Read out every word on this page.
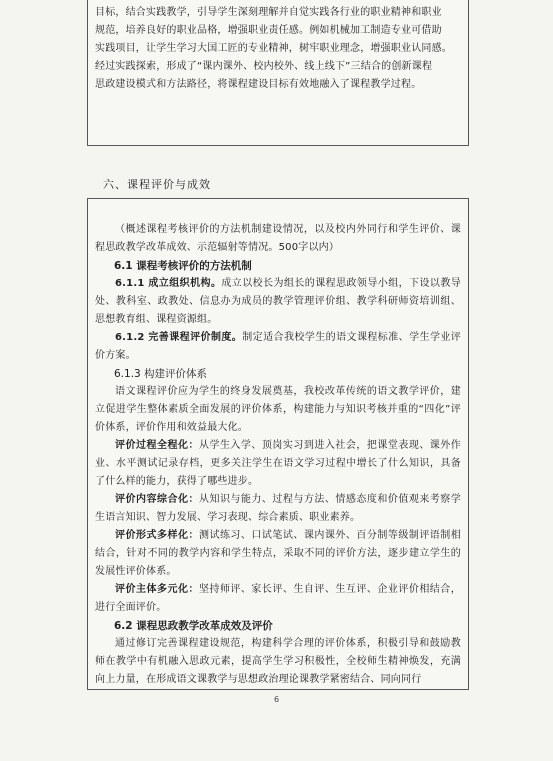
目标，结合实践教学，引导学生深刻理解并自觉实践各行业的职业精神和职业

规范，培养良好的职业品格，增强职业责任感。例如机械加工制造专业可借助

实践项目，让学生学习大国工匠的专业精神，树牢职业理念，增强职业认同感。

经过实践探索，形成了“课内课外、校内校外、线上线下”三结合的创新课程

思政建设模式和方法路径，将课程建设目标有效地融入了课程教学过程。

六、课程评价与成效

（概述课程考核评价的方法机制建设情况，以及校内外同行和学生评价、课程思政教学改革成效、示范辐射等情况。500字以内）

6.1 课程考核评价的方法机制

6.1.1 成立组织机构。成立以校长为组长的课程思政领导小组，下设以教导处、教科室、政教处、信息办为成员的教学管理评价组、教学科研师资培训组、思想教育组、课程资源组。

6.1.2 完善课程评价制度。制定适合我校学生的语文课程标准、学生学业评价方案。

6.1.3 构建评价体系

语文课程评价应为学生的终身发展奠基，我校改革传统的语文教学评价，建立促进学生整体素质全面发展的评价体系，构建能力与知识考核并重的“四化”评价体系，评价作用和效益最大化。

评价过程全程化：从学生入学、顶岗实习到进入社会，把课堂表现、课外作业、水平测试记录存档，更多关注学生在语文学习过程中增长了什么知识，具备了什么样的能力，获得了哪些进步。

评价内容综合化：从知识与能力、过程与方法、情感态度和价值观来考察学生语言知识、智力发展、学习表现、综合素质、职业素养。

评价形式多样化：测试练习、口试笔试、课内课外、百分制等级制评语制相结合，针对不同的教学内容和学生特点，采取不同的评价方法，逐步建立学生的发展性评价体系。

评价主体多元化：坚持师评、家长评、生自评、生互评、企业评价相结合，进行全面评价。

6.2 课程思政教学改革成效及评价

通过修订完善课程建设规范，构建科学合理的评价体系，积极引导和鼓励教师在教学中有机融入思政元素，提高学生学习积极性，全校师生精神焕发，充满向上力量，在形成语文课教学与思想政治理论课教学紧密结合、同向同行

6
